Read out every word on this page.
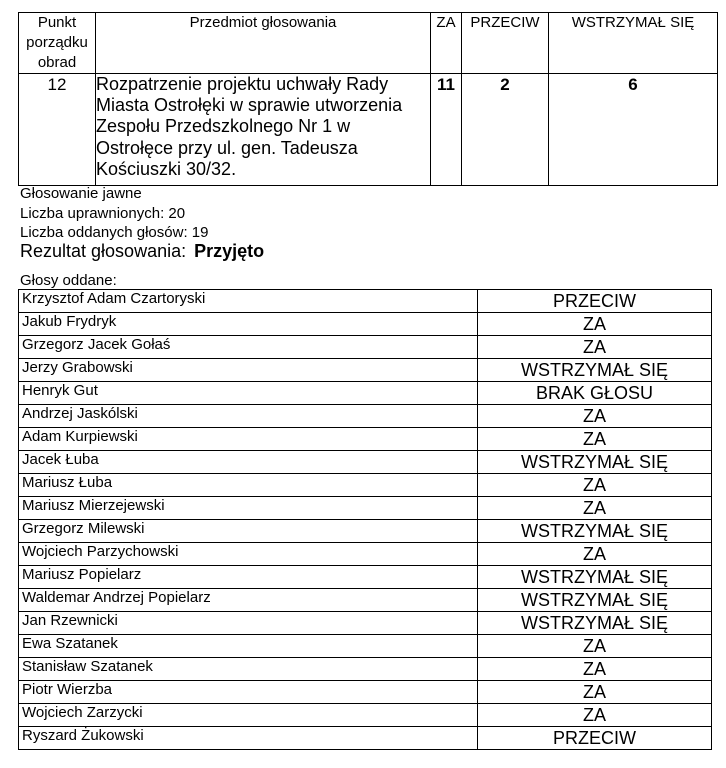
Punkt porządku obrad	Przedmiot głosowania	ZA	PRZECIW	WSTRZYMAŁ SIĘ
12	Rozpatrzenie projektu uchwały Rady Miasta Ostrołęki w sprawie utworzenia Zespołu Przedszkolnego Nr 1 w Ostrołęce przy ul. gen. Tadeusza Kościuszki 30/32.	11	2	6
Głosowanie jawne
Liczba uprawnionych: 20
Liczba oddanych głosów: 19
Rezultat głosowania: Przyjęto
Głosy oddane:
Krzysztof Adam Czartoryski	PRZECIW
Jakub Frydryk	ZA
Grzegorz Jacek Gołaś	ZA
Jerzy Grabowski	WSTRZYMAŁ SIĘ
Henryk Gut	BRAK GŁOSU
Andrzej Jaskólski	ZA
Adam Kurpiewski	ZA
Jacek Łuba	WSTRZYMAŁ SIĘ
Mariusz Łuba	ZA
Mariusz Mierzejewski	ZA
Grzegorz Milewski	WSTRZYMAŁ SIĘ
Wojciech Parzychowski	ZA
Mariusz Popielarz	WSTRZYMAŁ SIĘ
Waldemar Andrzej Popielarz	WSTRZYMAŁ SIĘ
Jan Rzewnicki	WSTRZYMAŁ SIĘ
Ewa Szatanek	ZA
Stanisław Szatanek	ZA
Piotr Wierzba	ZA
Wojciech Zarzycki	ZA
Ryszard Żukowski	PRZECIW
